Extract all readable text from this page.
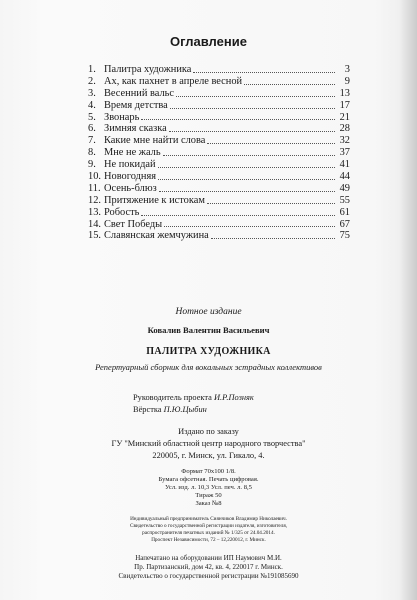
Оглавление
1. Палитра художника	3
2. Ах, как пахнет в апреле весной	9
3. Весенний вальс	13
4. Время детства	17
5. Звонарь	21
6. Зимняя сказка	28
7. Какие мне найти слова	32
8. Мне не жаль	37
9. Не покидай	41
10. Новогодняя	44
11. Осень-блюз	49
12. Притяжение к истокам	55
13. Робость	61
14. Свет Победы	67
15. Славянская жемчужина	75
Нотное издание
Ковалив Валентин Васильевич
ПАЛИТРА ХУДОЖНИКА
Репертуарный сборник для вокальных эстрадных коллективов
Руководитель проекта И.Р.Позняк
Вёрстка П.Ю.Цыбин
Издано по заказу
ГУ "Минский областной центр народного творчества"
220005, г. Минск, ул. Гикало, 4.
Формат 70х100 1/8.
Бумага офсетная. Печать цифровая.
Усл. изд. л. 10,3 Усл. печ. л. 8,5
Тираж 50
Заказ №8
Индивидуальный предприниматель Сиянчиков Владимир Николаевич.
Свидетельство о государственной регистрации издателя, изготовителя,
распространителя печатных изданий № 1/325 от 24.04.2014.
Проспект Независимости, 72 – 12,220012, г. Минск.
Напечатано на оборудовании ИП Наумович М.И.
Пр. Партизанский, дом 42, кв. 4, 220017 г. Минск.
Свидетельство о государственной регистрации №191085690
